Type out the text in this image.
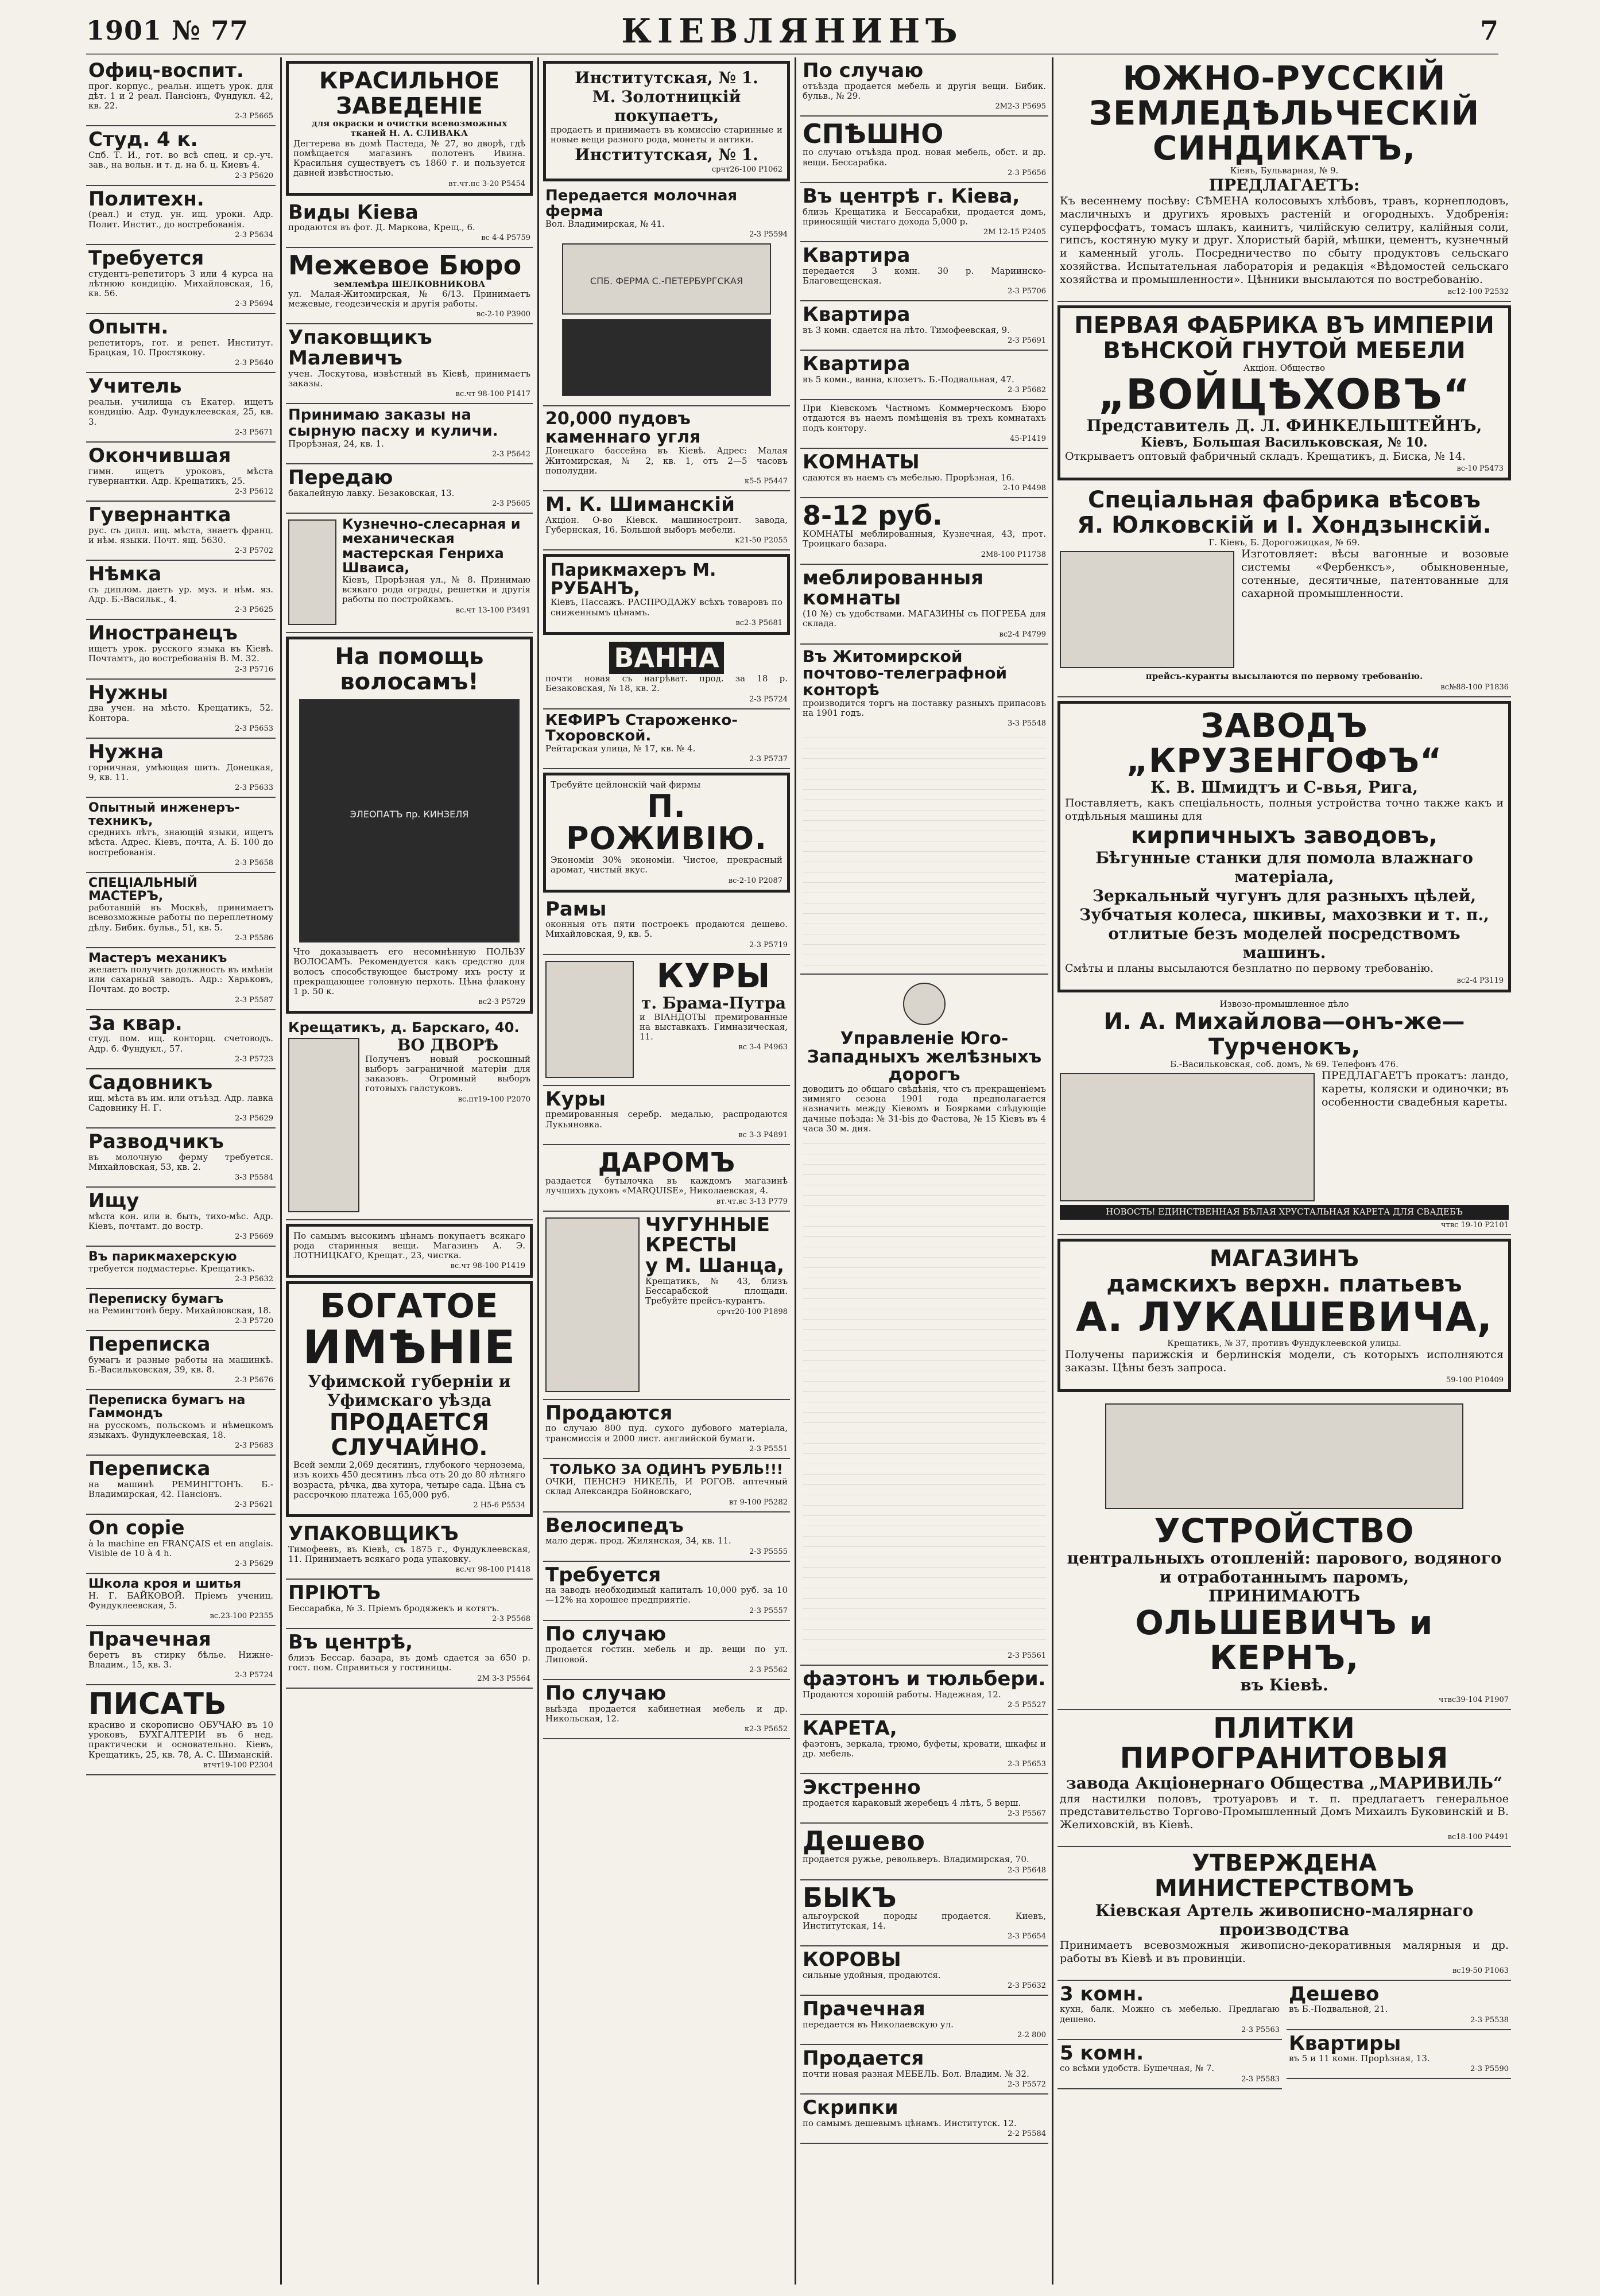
1901 № 77	КІЕВЛЯНИНЪ	7
Офиц-воспит.
прог. корпус., реальн. ищетъ урок. для дѣт. 1 и 2 реал. Пансіонъ, Фундукл. 42, кв. 22.
2-3 P5665
Студ. 4 к.
Спб. Т. И., гот. во всѣ спец. и ср.-уч. зав., на вольн. и т. д. на б. ц. Киевъ 4.
2-3 P5620
Политехн.
(реал.) и студ. ун. ищ. уроки. Адр. Полит. Инстит., до востребованія.
2-3 P5634
Требуется
студентъ-репетиторъ 3 или 4 курса на лѣтнюю кондицію. Михайловская, 16, кв. 56.
2-3 P5694
Опытн.
репетиторъ, гот. и репет. Институт. Брацкая, 10. Простякову.
2-3 P5640
Учитель
реальн. училища съ Екатер. ищетъ кондицію. Адр. Фундуклеевская, 25, кв. 3.
2-3 P5671
Окончившая
гимн. ищетъ уроковъ, мѣста гувернантки. Адр. Крещатикъ, 25.
2-3 P5612
Гувернантка
рус. съ дипл. ищ. мѣста, знаетъ франц. и нѣм. языки. Почт. ящ. 5630.
2-3 P5702
Нѣмка
съ диплом. даетъ ур. муз. и нѣм. яз. Адр. Б.-Васильк., 4.
2-3 P5625
Иностранецъ
ищетъ урок. русского языка въ Кіевѣ. Почтамтъ, до востребованія В. М. 32.
2-3 P5716
Нужны
два учен. на мѣсто. Крещатикъ, 52. Контора.
2-3 P5653
Нужна
горничная, умѣющая шить. Донецкая, 9, кв. 11.
2-3 P5633
Опытный инженеръ-техникъ,
среднихъ лѣтъ, знающій языки, ищетъ мѣста. Адрес. Кіевъ, почта, А. Б. 100 до востребованія.
2-3 P5658
СПЕЦІАЛЬНЫЙ МАСТЕРЪ,
работавшій въ Москвѣ, принимаетъ всевозможные работы по переплетному дѣлу. Бибик. бульв., 51, кв. 5.
2-3 P5586
Мастеръ механикъ
желаетъ получить должность въ имѣніи или сахарный заводъ. Адр.: Харьковъ, Почтам. до востр.
2-3 P5587
За квар.
студ. пом. ищ. конторщ. счетоводъ. Адр. б. Фундукл., 57.
2-3 P5723
Садовникъ
ищ. мѣста въ им. или отъѣзд. Адр. лавка Садовнику Н. Г.
2-3 P5629
Разводчикъ
въ молочную ферму требуется. Михайловская, 53, кв. 2.
3-3 P5584
Ищу
мѣста кон. или в. быть, тихо-мѣс. Адр. Кіевъ, почтамт. до востр.
2-3 P5669
Въ парикмахерскую
требуется подмастерье. Крещатикъ.
2-3 P5632
Переписку бумагъ
на Ремингтонѣ беру. Михайловская, 18.
2-3 P5720
Переписка
бумагъ и разные работы на машинкѣ. Б.-Васильковская, 39, кв. 8.
2-3 P5676
Переписка бумагъ на Гаммондъ
на русскомъ, польскомъ и нѣмецкомъ языкахъ. Фундуклеевская, 18.
2-3 P5683
Переписка
на машинѣ РЕМИНГТОНЪ. Б.-Владимирская, 42. Пансіонъ.
2-3 P5621
On copie
à la machine en FRANÇAIS et en anglais. Visible de 10 à 4 h.
2-3 P5629
Школа кроя и шитья
Н. Г. БАЙКОВОЙ. Пріемъ учениц. Фундуклеевская, 5.
вс.23-100 P2355
Прачечная
беретъ въ стирку бѣлье. Нижне-Владим., 15, кв. 3.
2-3 P5724
ПИСАТЬ
красиво и скорописно ОБУЧАЮ въ 10 уроковъ, БУХГАЛТЕРІИ въ 6 нед. практически и основательно. Кіевъ, Крещатикъ, 25, кв. 78, А. С. Шиманскій.
втчт19-100 P2304
КРАСИЛЬНОЕ ЗАВЕДЕНІЕ
для окраски и очистки всевозможных тканей Н. А. СЛИВАКА
Дегтерева въ домѣ Пастеда, № 27, во дворѣ, гдѣ помѣщается магазинъ полотенъ Ивина. Красильня существуетъ съ 1860 г. и пользуется давней извѣстностью.
вт.чт.пс 3-20 P5454
Виды Кіева
продаются въ фот. Д. Маркова, Крещ., 6.
вс 4-4 P5759
Межевое Бюро
землемѣра ШЕЛКОВНИКОВА
ул. Малая-Житомирская, № 6/13. Принимаетъ межевые, геодезическія и другія работы.
вс-2-10 P3900
Упаковщикъ Малевичъ
учен. Лоскутова, извѣстный въ Кіевѣ, принимаетъ заказы.
вс.чт 98-100 P1417
Принимаю заказы на сырную пасху и куличи.
Прорѣзная, 24, кв. 1.
2-3 P5642
Передаю
бакалейную лавку. Безаковская, 13.
2-3 P5605
Кузнечно-слесарная и механическая мастерская Генриха Шваиса,
Кіевъ, Прорѣзная ул., № 8. Принимаю всякаго рода ограды, решетки и другія работы по постройкамъ.
вс.чт 13-100 P3491
На помощь волосамъ!
ЭЛЕОПАТЪ пр. КИНЗЕЛЯ
Что доказываетъ его несомнѣнную ПОЛЬЗУ ВОЛОСАМЪ. Рекомендуется какъ средство для волосъ способствующее быстрому ихъ росту и прекращающее головную перхоть. Цѣна флакону 1 р. 50 к.
вс2-3 P5729
Крещатикъ, д. Барскаго, 40.
ВО ДВОРѢ
Полученъ новый роскошный выборъ заграничной матеріи для заказовъ. Огромный выборъ готовыхъ галстуковъ.
вс.пт19-100 P2070
По самымъ высокимъ цѣнамъ покупаетъ всякаго рода старинныя вещи. Магазинъ А. Э. ЛОТНИЦКАГО, Крещат., 23, чистка.
вс.чт 98-100 P1419
БОГАТОЕ
ИМѢНІЕ
Уфимской губерніи и Уфимскаго уѣзда
ПРОДАЕТСЯ СЛУЧАЙНО.
Всей земли 2,069 десятинъ, глубокого чернозема, изъ коихъ 450 десятинъ лѣса отъ 20 до 80 лѣтняго возраста, рѣчка, два хутора, четыре сада. Цѣна съ рассрочкою платежа 165,000 руб.
2 Н5-6 P5534
УПАКОВЩИКЪ
Тимофеевъ, въ Кіевѣ, съ 1875 г., Фундуклеевская, 11. Принимаетъ всякаго рода упаковку.
вс.чт 98-100 P1418
ПРІЮТЪ
Бессарабка, № 3. Пріемъ бродяжекъ и котятъ.
2-3 P5568
Въ центрѣ,
близъ Бессар. базара, въ домѣ сдается за 650 р. гост. пом. Справиться у гостиницы.
2М 3-3 P5564
Институтская, № 1.
М. Золотницкій покупаетъ,
продаетъ и принимаетъ въ комиссію старинные и новые вещи разного рода, монеты и антики.
Институтская, № 1.
срчт26-100 P1062
Передается молочная ферма
Вол. Владимирская, № 41.
2-3 P5594
СПБ. ФЕРМА С.-ПЕТЕРБУРГСКАЯ
20,000 пудовъ каменнаго угля
Донецкаго бассейна въ Кіевѣ. Адрес: Малая Житомирская, № 2, кв. 1, отъ 2—5 часовъ пополудни.
к5-5 P5447
М. К. Шиманскій
Акціон. О-во Кіевск. машиностроит. завода, Губернская, 16. Большой выборъ мебели.
к21-50 P2055
Парикмахеръ М. РУБАНЪ,
Кіевъ, Пассажъ. РАСПРОДАЖУ всѣхъ товаровъ по сниженнымъ цѣнамъ.
вс2-3 P5681
ВАННА
почти новая съ нагрѣват. прод. за 18 р. Безаковская, № 18, кв. 2.
2-3 P5724
КЕФИРЪ Староженко-Тхоровской.
Рейтарская улица, № 17, кв. № 4.
2-3 P5737
Требуйте цейлонскій чай фирмы
П. РОЖИВІЮ.
Экономіи 30% экономіи. Чистое, прекрасный аромат, чистый вкус.
вс-2-10 P2087
Рамы
оконныя отъ пяти построекъ продаются дешево. Михайловская, 9, кв. 5.
2-3 P5719
КУРЫ
т. Брама-Путра
и ВІАНДОТЫ премированные на выставкахъ. Гимназическая, 11.
вс 3-4 P4963
Куры
премированныя серебр. медалью, распродаются Лукьяновка.
вс 3-3 P4891
ДАРОМЪ
раздается бутылочка въ каждомъ магазинѣ лучшихъ духовъ «MARQUISE», Николаевская, 4.
вт.чт.вс 3-13 P779
ЧУГУННЫЕ КРЕСТЫ
у М. Шанца,
Крещатикъ, № 43, близъ Бессарабской площади. Требуйте прейсъ-курантъ.
срчт20-100 P1898
Продаются
по случаю 800 пуд. сухого дубового матеріала, трансмиссія и 2000 лист. английской бумаги.
2-3 P5551
ТОЛЬКО ЗА ОДИНЪ РУБЛЬ!!!
ОЧКИ, ПЕНСНЭ НИКЕЛЬ, И РОГОВ. аптечный склад Александра Бойновскаго,
вт 9-100 P5282
Велосипедъ
мало держ. прод. Жилянская, 34, кв. 11.
2-3 P5555
Требуется
на заводъ необходимый капиталъ 10,000 руб. за 10—12% на хорошее предприятіе.
2-3 P5557
По случаю
продается гостин. мебель и др. вещи по ул. Липовой.
2-3 P5562
По случаю
выѣзда продается кабинетная мебель и др. Никольская, 12.
к2-3 P5652
По случаю
отъѣзда продается мебель и другія вещи. Бибик. бульв., № 29.
2М2-3 P5695
СПѢШНО
по случаю отъѣзда прод. новая мебель, обст. и др. вещи. Бессарабка.
2-3 P5656
Въ центрѣ г. Кіева,
близь Крещатика и Бессарабки, продается домъ, приносящій чистаго дохода 5,000 р.
2М 12-15 P2405
Квартира
передается 3 комн. 30 р. Мариинско-Благовещенская.
2-3 P5706
Квартира
въ 3 комн. сдается на лѣто. Тимофеевская, 9.
2-3 P5691
Квартира
въ 5 комн., ванна, клозетъ. Б.-Подвальная, 47.
2-3 P5682
При Кіевскомъ Частномъ Коммерческомъ Бюро отдаются въ наемъ помѣщенія въ трехъ комнатахъ подъ контору.
45-P1419
КОМНАТЫ
сдаются въ наемъ съ мебелью. Прорѣзная, 16.
2-10 P4498
8-12 руб.
КОМНАТЫ меблированныя, Кузнечная, 43, прот. Троицкаго базара.
2М8-100 P11738
меблированныя комнаты
(10 №) съ удобствами. МАГАЗИНЫ съ ПОГРЕБА для склада.
вс2-4 P4799
Въ Житомирской почтово-телеграфной конторѣ
производится торгъ на поставку разныхъ припасовъ на 1901 годъ.
3-3 P5548
Управленіе Юго-Западныхъ желѣзныхъ дорогъ
доводитъ до общаго свѣдѣнія, что съ прекращеніемъ зимняго сезона 1901 года предполагается назначить между Кіевомъ и Боярками слѣдующіе дачные поѣзда: № 31-bis до Фастова, № 15 Кіевъ въ 4 часа 30 м. дня.
2-3 P5561
фаэтонъ и тюльбери.
Продаются хорошій работы. Надежная, 12.
2-5 P5527
КАРЕТА,
фаэтонъ, зеркала, трюмо, буфеты, кровати, шкафы и др. мебель.
2-3 P5653
Экстренно
продается караковый жеребецъ 4 лѣтъ, 5 верш.
2-3 P5567
Дешево
продается ружье, револьверъ. Владимирская, 70.
2-3 P5648
БЫКЪ
альгоурской породы продается. Киевъ, Институтская, 14.
2-3 P5654
КОРОВЫ
сильные удойныя, продаются.
2-3 P5632
Прачечная
передается въ Николаевскую ул.
2-2 800
Продается
почти новая разная МЕБЕЛЬ. Бол. Владим. № 32.
2-3 P5572
Скрипки
по самымъ дешевымъ цѣнамъ. Институтск. 12.
2-2 P5584
ЮЖНО-РУССКІЙ
ЗЕМЛЕДѢЛЬЧЕСКІЙ СИНДИКАТЪ,
Кіевъ, Бульварная, № 9.
ПРЕДЛАГАЕТЪ:
Къ весеннему посѣву: СѢМЕНА колосовыхъ хлѣбовъ, травъ, корнеплодовъ, масличныхъ и другихъ яровыхъ растеній и огородныхъ. Удобренія: суперфосфатъ, томасъ шлакъ, каинитъ, чилійскую селитру, калійныя соли, гипсъ, костяную муку и друг. Хлористый барій, мѣшки, цементъ, кузнечный и каменный уголь. Посредничество по сбыту продуктовъ сельскаго хозяйства. Испытательная лабораторія и редакція «Вѣдомостей сельскаго хозяйства и промышленности». Цѣнники высылаются по востребованію.
вс12-100 P2532
ПЕРВАЯ ФАБРИКА ВЪ ИМПЕРІИ
ВѢНСКОЙ ГНУТОЙ МЕБЕЛИ
Акціон. Общество
„ВОЙЦѢХОВЪ“
Представитель Д. Л. ФИНКЕЛЬШТЕЙНЪ,
Кіевъ, Большая Васильковская, № 10.
Открываетъ оптовый фабричный складъ. Крещатикъ, д. Биска, № 14.
вс-10 P5473
Спеціальная фабрика вѣсовъ
Я. Юлковскій и І. Хондзынскій.
Г. Кіевъ, Б. Дорогожицкая, № 69.
Изготовляет: вѣсы вагонные и возовые системы «Фербенксъ», обыкновенные, сотенные, десятичные, патентованные для сахарной промышленности.
прейсъ-куранты высылаются по первому требованію.
вс№88-100 P1836
ЗАВОДЪ „КРУЗЕНГОФЪ“
К. В. Шмидтъ и С-вья, Рига,
Поставляетъ, какъ спеціальность, полныя устройства точно также какъ и отдѣльныя машины для
кирпичныхъ заводовъ,
Бѣгунные станки для помола влажнаго матеріала,
Зеркальный чугунъ для разныхъ цѣлей,
Зубчатыя колеса, шкивы, махозвки и т. п.,
отлитые безъ моделей посредствомъ машинъ.
Смѣты и планы высылаются безплатно по первому требованію.
вс2-4 P3119
Извозо-промышленное дѣло
И. А. Михайлова—онъ-же—Турченокъ,
Б.-Васильковская, соб. домъ, № 69. Телефонъ 476.
ПРЕДЛАГАЕТЪ прокатъ: ландо, кареты, коляски и одиночки; въ особенности свадебныя кареты.
НОВОСТЬ! ЕДИНСТВЕННАЯ БѢЛАЯ ХРУСТАЛЬНАЯ КАРЕТА ДЛЯ СВАДЕБЪ
чтвс 19-10 P2101
МАГАЗИНЪ
дамскихъ верхн. платьевъ
А. ЛУКАШЕВИЧА,
Крещатикъ, № 37, противъ Фундуклеевской улицы.
Получены парижскія и берлинскія модели, съ которыхъ исполняются заказы. Цѣны безъ запроса.
59-100 P10409
УСТРОЙСТВО
центральныхъ отопленій: парового, водяного и отработаннымъ паромъ,
ПРИНИМАЮТЪ
ОЛЬШЕВИЧЪ и КЕРНЪ,
въ Кіевѣ.
чтвс39-104 P1907
ПЛИТКИ ПИРОГРАНИТОВЫЯ
завода Акціонернаго Общества „МАРИВИЛЬ“
для настилки половъ, тротуаровъ и т. п. предлагаетъ генеральное представительство Торгово-Промышленный Домъ Михаилъ Буковинскій и В. Желиховскій, въ Кіевѣ.
вс18-100 P4491
УТВЕРЖДЕНА МИНИСТЕРСТВОМЪ
Кіевская Артель живописно-малярнаго производства
Принимаетъ всевозможныя живописно-декоративныя малярныя и др. работы въ Кіевѣ и въ провинціи.
вс19-50 P1063
3 комн.
кухн, балк. Можно съ мебелью. Предлагаю дешево.
2-3 P5563
5 комн.
со всѣми удобств. Бушечная, № 7.
2-3 P5583
Дешево
въ Б.-Подвальной, 21.
2-3 P5538
Квартиры
въ 5 и 11 комн. Прорѣзная, 13.
2-3 P5590
